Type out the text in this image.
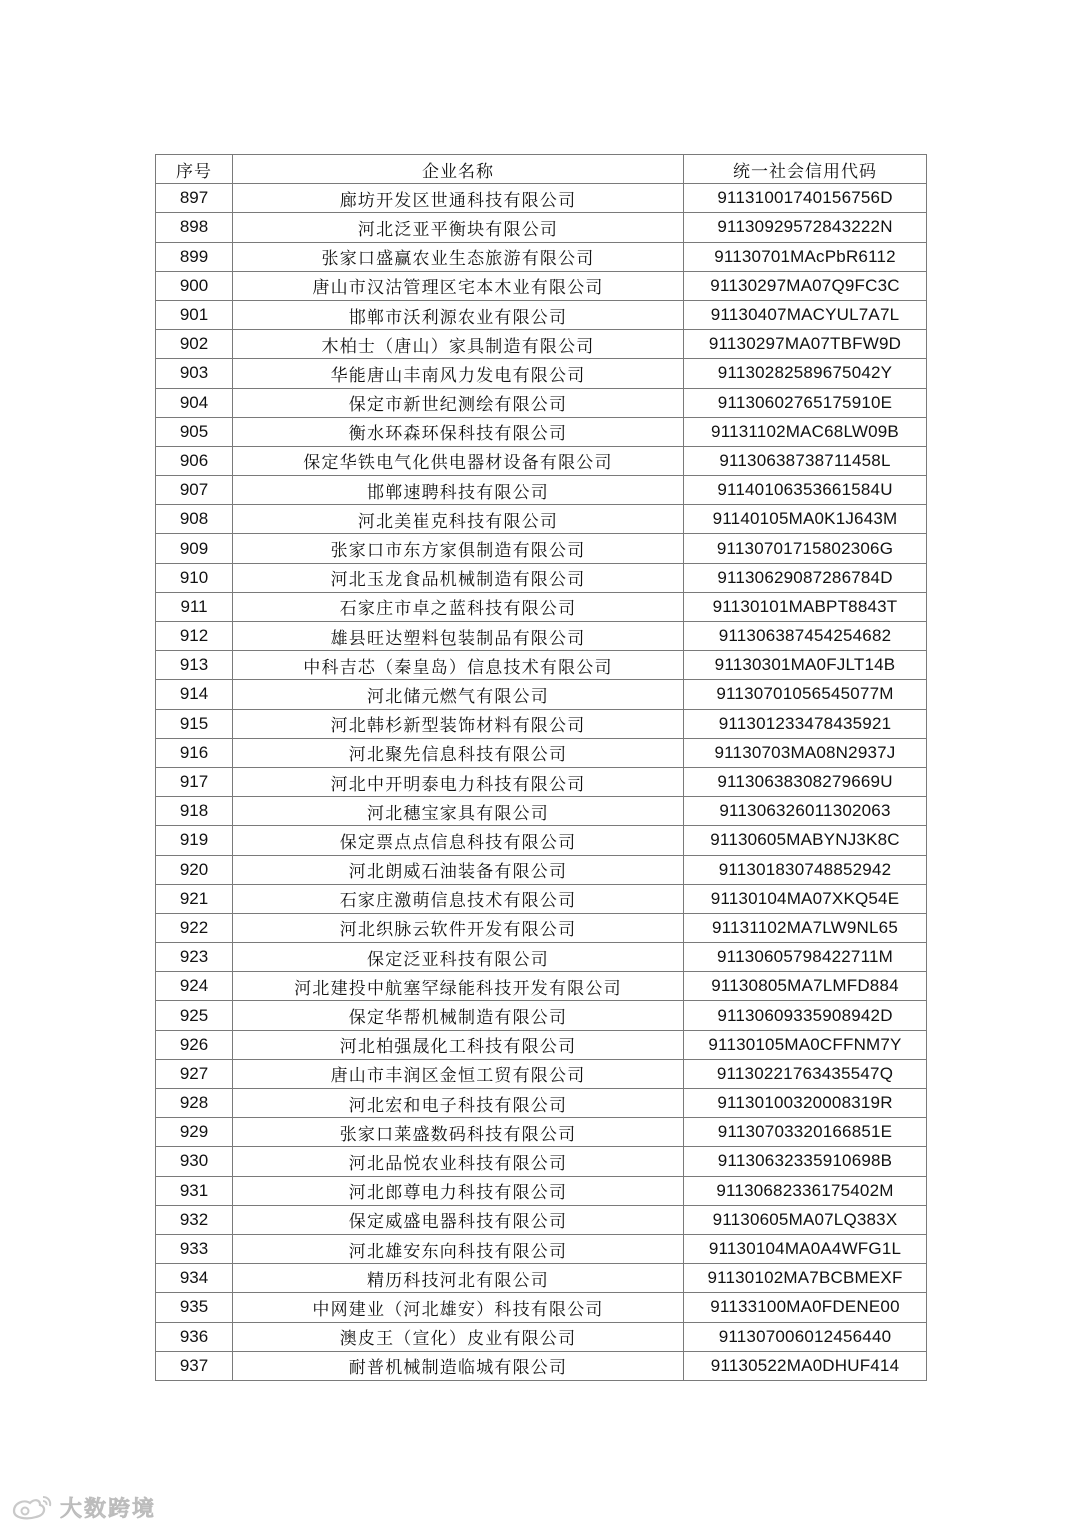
序号	企业名称	统一社会信用代码
897	廊坊开发区世通科技有限公司	91131001740156756D
898	河北泛亚平衡块有限公司	91130929572843222N
899	张家口盛赢农业生态旅游有限公司	91130701MAcPbR6112
900	唐山市汉沽管理区宅本木业有限公司	91130297MA07Q9FC3C
901	邯郸市沃利源农业有限公司	91130407MACYUL7A7L
902	木柏士（唐山）家具制造有限公司	91130297MA07TBFW9D
903	华能唐山丰南风力发电有限公司	91130282589675042Y
904	保定市新世纪测绘有限公司	91130602765175910E
905	衡水环森环保科技有限公司	91131102MAC68LW09B
906	保定华铁电气化供电器材设备有限公司	91130638738711458L
907	邯郸速聘科技有限公司	91140106353661584U
908	河北美崔克科技有限公司	91140105MA0K1J643M
909	张家口市东方家俱制造有限公司	91130701715802306G
910	河北玉龙食品机械制造有限公司	91130629087286784D
911	石家庄市卓之蓝科技有限公司	91130101MABPT8843T
912	雄县旺达塑料包装制品有限公司	911306387454254682
913	中科吉芯（秦皇岛）信息技术有限公司	91130301MA0FJLT14B
914	河北储元燃气有限公司	91130701056545077M
915	河北韩杉新型装饰材料有限公司	911301233478435921
916	河北聚先信息科技有限公司	91130703MA08N2937J
917	河北中开明泰电力科技有限公司	91130638308279669U
918	河北穗宝家具有限公司	911306326011302063
919	保定票点点信息科技有限公司	91130605MABYNJ3K8C
920	河北朗威石油装备有限公司	911301830748852942
921	石家庄激萌信息技术有限公司	91130104MA07XKQ54E
922	河北织脉云软件开发有限公司	91131102MA7LW9NL65
923	保定泛亚科技有限公司	91130605798422711M
924	河北建投中航塞罕绿能科技开发有限公司	91130805MA7LMFD884
925	保定华帮机械制造有限公司	91130609335908942D
926	河北柏强晟化工科技有限公司	91130105MA0CFFNM7Y
927	唐山市丰润区金恒工贸有限公司	91130221763435547Q
928	河北宏和电子科技有限公司	91130100320008319R
929	张家口莱盛数码科技有限公司	91130703320166851E
930	河北品悦农业科技有限公司	91130632335910698B
931	河北郎尊电力科技有限公司	91130682336175402M
932	保定威盛电器科技有限公司	91130605MA07LQ383X
933	河北雄安东向科技有限公司	91130104MA0A4WFG1L
934	精历科技河北有限公司	91130102MA7BCBMEXF
935	中网建业（河北雄安）科技有限公司	91133100MA0FDENE00
936	澳皮王（宣化）皮业有限公司	911307006012456440
937	耐普机械制造临城有限公司	91130522MA0DHUF414
大数跨境
